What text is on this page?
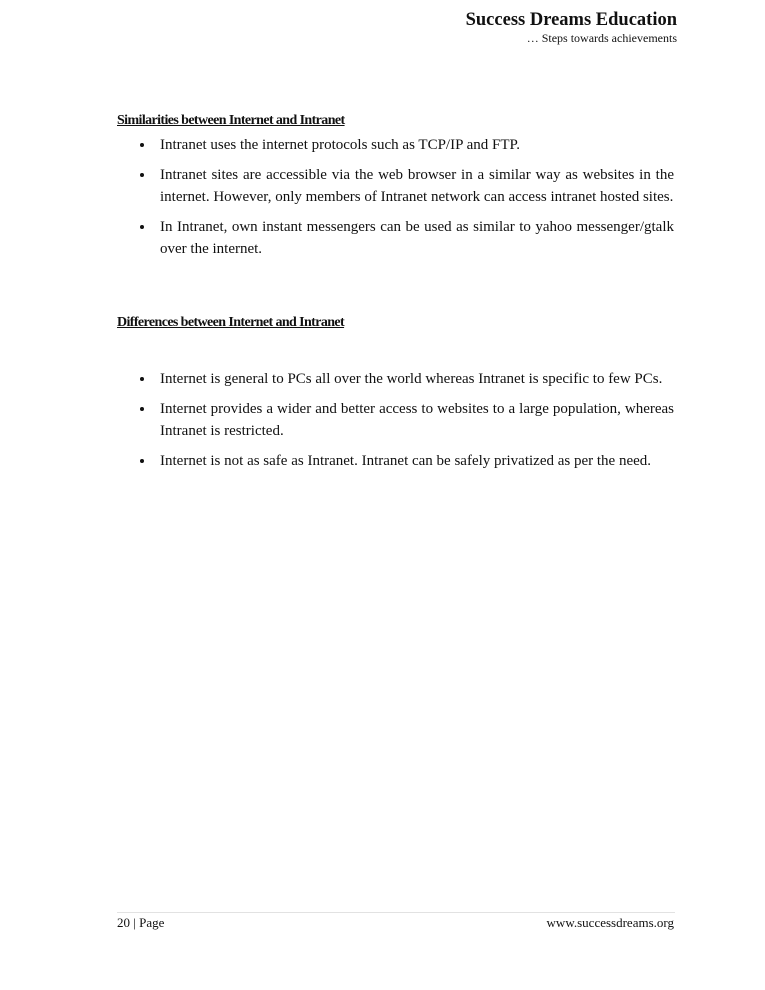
Success Dreams Education
… Steps towards achievements
Similarities between Internet and Intranet
Intranet uses the internet protocols such as TCP/IP and FTP.
Intranet sites are accessible via the web browser in a similar way as websites in the internet. However, only members of Intranet network can access intranet hosted sites.
In Intranet, own instant messengers can be used as similar to yahoo messenger/gtalk over the internet.
Differences between Internet and Intranet
Internet is general to PCs all over the world whereas Intranet is specific to few PCs.
Internet provides a wider and better access to websites to a large population, whereas Intranet is restricted.
Internet is not as safe as Intranet. Intranet can be safely privatized as per the need.
20 | Page	www.successdreams.org
